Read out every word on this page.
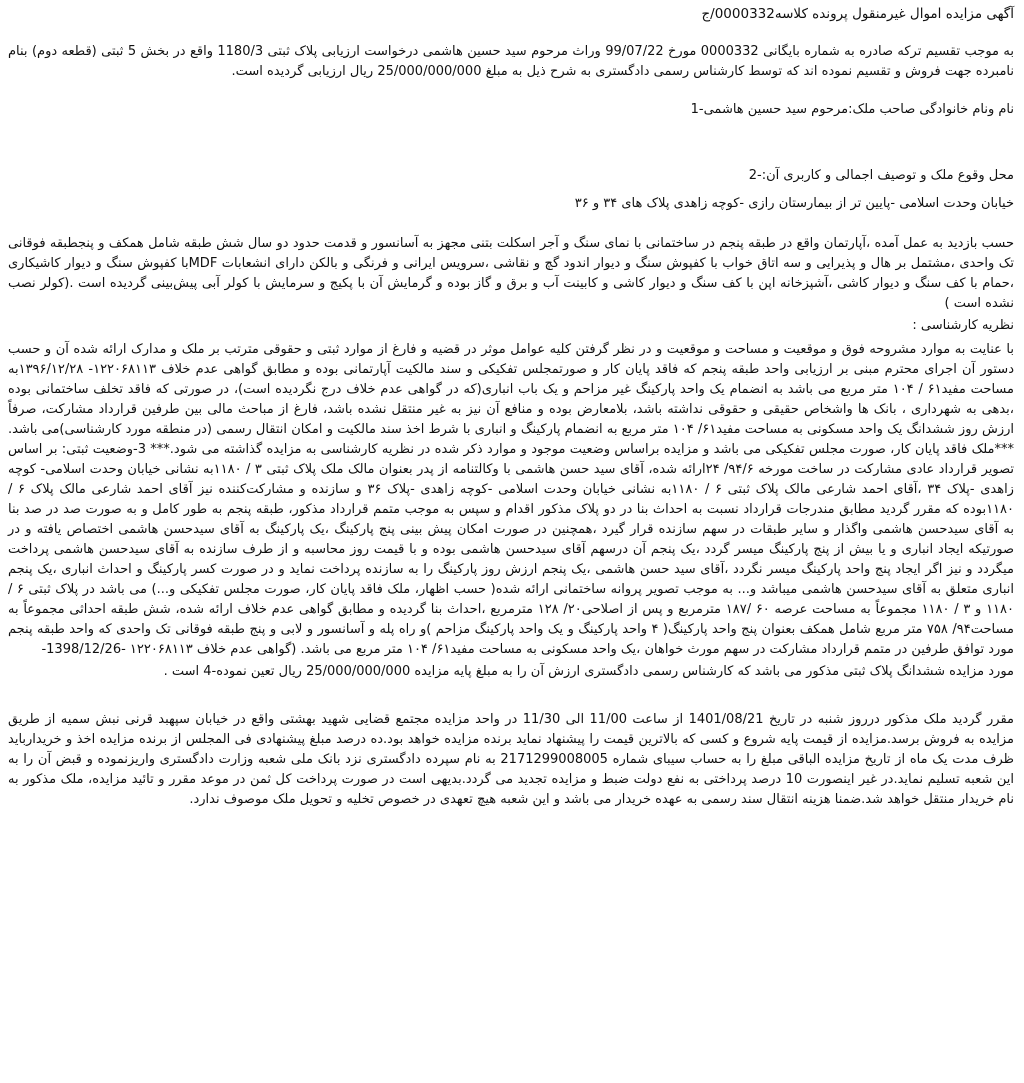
آگهی مزایده اموال غیرمنقول پرونده کلاسه0000332/ج

به موجب تقسیم ترکه صادره به شماره بایگانی 0000332 مورخ 99/07/22 وراث مرحوم سید حسین هاشمی درخواست ارزیابی پلاک ثبتی 1180/3 واقع در بخش 5 ثبتی (قطعه دوم) بنام نامبرده جهت فروش و تقسیم نموده اند که توسط کارشناس رسمی دادگستری به شرح ذیل به مبلغ 25/000/000/000 ریال ارزیابی گردیده است.

نام ونام خانوادگی صاحب ملک:مرحوم سید حسین هاشمی-1

محل وقوع ملک و توصیف اجمالی و کاربری آن:-2

خیابان وحدت اسلامی -پایین تر از بیمارستان رازی -کوچه زاهدی پلاک های ۳۴ و ۳۶

حسب بازدید به عمل آمده ،آپارتمان واقع در طبقه پنجم در ساختمانی با نمای سنگ و آجر اسکلت بتنی مجهز به آسانسور و قدمت حدود دو سال شش طبقه شامل همکف و پنجطبقه فوقانی تک واحدی ،مشتمل بر هال و پذیرایی و سه اتاق خواب با کفپوش سنگ و دیوار اندود گچ و نقاشی ،سرویس ایرانی و فرنگی و بالکن دارای انشعابات MDFبا کفپوش سنگ و دیوار کاشیکاری ،حمام با کف سنگ و دیوار کاشی ،آشپزخانه اپن با کف سنگ و دیوار کاشی و کابینت آب و برق و گاز بوده و گرمایش آن با پکیج و سرمایش با کولر آبی پیش‌بینی گردیده است .(کولر نصب نشده است )

نظریه کارشناسی :

با عنایت به موارد مشروحه فوق و موقعیت و مساحت و موقعیت و در نظر گرفتن کلیه عوامل موثر در قضیه و فارغ از موارد ثبتی و حقوقی مترتب بر ملک و مدارک ارائه شده آن و حسب دستور آن اجرای محترم مبنی بر ارزیابی واحد طبقه پنجم که فاقد پایان کار و صورتمجلس تفکیکی و سند مالکیت آپارتمانی بوده و مطابق گواهی عدم خلاف ۱۲۲۰۶۸۱۱۳- ۱۳۹۶/۱۲/۲۸به مساحت مفید۶۱ / ۱۰۴ متر مربع می باشد به انضمام یک واحد پارکینگ غیر مزاحم و یک باب انباری(که در گواهی عدم خلاف درج نگردیده است)، در صورتی که فاقد تخلف ساختمانی بوده ،بدهی به شهرداری ، بانک ها واشخاص حقیقی و حقوقی نداشته باشد، بلامعارض بوده و منافع آن نیز به غیر منتقل نشده باشد، فارغ از مباحث مالی بین طرفین قرارداد مشارکت، صرفاً ارزش روز ششدانگ یک واحد مسکونی به مساحت مفید۶۱/ ۱۰۴ متر مربع به انضمام پارکینگ و انباری با شرط اخذ سند مالکیت و امکان انتقال رسمی (در منطقه مورد کارشناسی)می باشد. ***ملک فاقد پایان کار، صورت مجلس تفکیکی می باشد و مزایده براساس وضعیت موجود و موارد ذکر شده در نظریه کارشناسی به مزایده گذاشته می شود.*** 3-وضعیت ثبتی: بر اساس تصویر قرارداد عادی مشارکت در ساخت مورخه ۹۴/۶/ ۲۴ارائه شده، آقای سید حسن هاشمی با وکالتنامه از پدر بعنوان مالک ملک پلاک ثبتی ۳ / ۱۱۸۰به نشانی خیابان وحدت اسلامی- کوچه زاهدی -پلاک ۳۴ ،آقای احمد شارعی مالک پلاک ثبتی ۶ / ۱۱۸۰به نشانی خیابان وحدت اسلامی -کوچه زاهدی -پلاک ۳۶ و سازنده و مشارکت‌کننده نیز آقای احمد شارعی مالک پلاک ۶ /۱۱۸۰بوده که مقرر گردید مطابق مندرجات قرارداد نسبت به احداث بنا در دو پلاک مذکور اقدام و سپس به موجب متمم قرارداد مذکور، طبقه پنجم به طور کامل و به صورت صد در صد بنا به آقای سیدحسن هاشمی واگذار و سایر طبقات در سهم سازنده قرار گیرد ،همچنین در صورت امکان پیش بینی پنج پارکینگ ،یک پارکینگ به آقای سیدحسن هاشمی اختصاص یافته و در صورتیکه ایجاد انباری و یا بیش از پنج پارکینگ میسر گردد ،یک پنجم آن درسهم آقای سیدحسن هاشمی بوده و با قیمت روز محاسبه و از طرف سازنده به آقای سیدحسن هاشمی پرداخت میگردد و نیز اگر ایجاد پنج واحد پارکینگ میسر نگردد ،آقای سید حسن هاشمی ،یک پنجم ارزش روز پارکینگ را به سازنده پرداخت نماید و در صورت کسر پارکینگ و احداث انباری ،یک پنجم انباری متعلق به آقای سیدحسن هاشمی میباشد و... به موجب تصویر پروانه ساختمانی ارائه شده( حسب اظهار، ملک فاقد پایان کار، صورت مجلس تفکیکی و...) می باشد در پلاک ثبتی ۶ / ۱۱۸۰ و ۳ / ۱۱۸۰ مجموعاً به مساحت عرصه ۶۰ /۱۸۷ مترمربع و پس از اصلاحی۲۰/ ۱۲۸ مترمربع ،احداث بنا گردیده و مطابق گواهی عدم خلاف ارائه شده، شش طبقه احداثی مجموعاً به مساحت۹۴/ ۷۵۸ متر مربع شامل همکف بعنوان پنج واحد پارکینگ( ۴ واحد پارکینگ و یک واحد پارکینگ مزاحم )و راه پله و آسانسور و لابی و پنج طبقه فوقانی تک واحدی که واحد طبقه پنجم مورد توافق طرفین در متمم قرارداد مشارکت در سهم مورث خواهان ،یک واحد مسکونی به مساحت مفید۶۱/ ۱۰۴ متر مربع می باشد. (گواهی عدم خلاف ۱۲۲۰۶۸۱۱۳ -1398/12/26-

مورد مزایده ششدانگ پلاک ثبتی مذکور می باشد که کارشناس رسمی دادگستری ارزش آن را به مبلغ پایه مزایده 25/000/000/000 ریال تعین نموده-4 است .

مقرر گردید ملک مذکور درروز شنبه در تاریخ 1401/08/21 از ساعت 11/00 الی 11/30 در واحد مزایده مجتمع قضایی شهید بهشتی واقع در خیابان سپهبد قرنی نبش سمیه از طریق مزایده به فروش برسد.مزایده از قیمت پایه شروع و کسی که بالاترین قیمت را پیشنهاد نماید برنده مزایده خواهد بود.ده درصد مبلغ پیشنهادی فی المجلس از برنده مزایده اخذ و خریدارباید ظرف مدت یک ماه از تاریخ مزایده الباقی مبلغ را به حساب سیبای شماره 2171299008005 به نام سپرده دادگستری نزد بانک ملی شعبه وزارت دادگستری واریزنموده و قبض آن را به این شعبه تسلیم نماید.در غیر اینصورت 10 درصد پرداختی به نفع دولت ضبط و مزایده تجدید می گردد.بدیهی است در صورت پرداخت کل ثمن در موعد مقرر و تائید مزایده، ملک مذکور به نام خریدار منتقل خواهد شد.ضمنا هزینه انتقال سند رسمی به عهده خریدار می باشد و این شعبه هیچ تعهدی در خصوص تخلیه و تحویل ملک موصوف ندارد.
